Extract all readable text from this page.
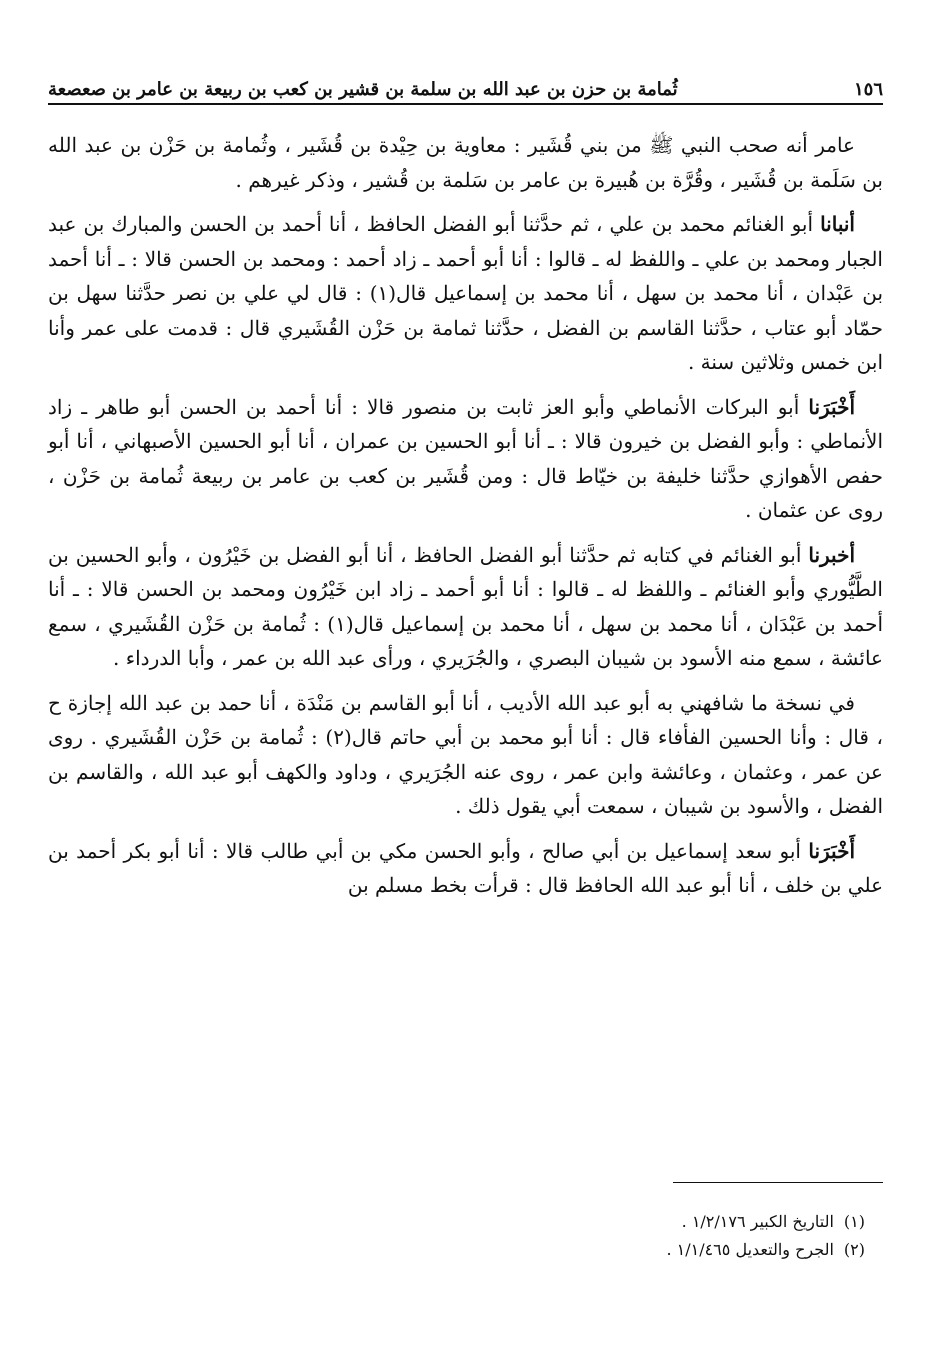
١٥٦
ثُمامة بن حزن بن عبد الله بن سلمة بن قشير بن كعب بن ربيعة بن عامر بن صعصعة

عامر أنه صحب النبي ﷺ من بني قُشَير : معاوية بن حِيْدة بن قُشَير ، وثُمامة بن حَزْن بن عبد الله بن سَلَمة بن قُشَير ، وقُرَّة بن هُبيرة بن عامر بن سَلمة بن قُشير ، وذكر غيرهم .

أنبانا أبو الغنائم محمد بن علي ، ثم حدَّثنا أبو الفضل الحافظ ، أنا أحمد بن الحسن والمبارك بن عبد الجبار ومحمد بن علي ـ واللفظ له ـ قالوا : أنا أبو أحمد ـ زاد أحمد : ومحمد بن الحسن قالا : ـ أنا أحمد بن عَبْدان ، أنا محمد بن سهل ، أنا محمد بن إسماعيل قال(١) : قال لي علي بن نصر حدَّثنا سهل بن حمّاد أبو عتاب ، حدَّثنا القاسم بن الفضل ، حدَّثنا ثمامة بن حَزْن القُشَيري قال : قدمت على عمر وأنا ابن خمس وثلاثين سنة .

أَخْبَرَنا أبو البركات الأنماطي وأبو العز ثابت بن منصور قالا : أنا أحمد بن الحسن أبو طاهر ـ زاد الأنماطي : وأبو الفضل بن خيرون قالا : ـ أنا أبو الحسين بن عمران ، أنا أبو الحسين الأصبهاني ، أنا أبو حفص الأهوازي حدَّثنا خليفة بن خيّاط قال : ومن قُشَير بن كعب بن عامر بن ربيعة ثُمامة بن حَزْن ، روى عن عثمان .

أخبرنا أبو الغنائم في كتابه ثم حدَّثنا أبو الفضل الحافظ ، أنا أبو الفضل بن خَيْرُون ، وأبو الحسين بن الطَّيُّوري وأبو الغنائم ـ واللفظ له ـ قالوا : أنا أبو أحمد ـ زاد ابن خَيْرُون ومحمد بن الحسن قالا : ـ أنا أحمد بن عَبْدَان ، أنا محمد بن سهل ، أنا محمد بن إسماعيل قال(١) : ثُمامة بن حَزْن القُشَيري ، سمع عائشة ، سمع منه الأسود بن شيبان البصري ، والجُرَيري ، ورأى عبد الله بن عمر ، وأبا الدرداء .

في نسخة ما شافهني به أبو عبد الله الأديب ، أنا أبو القاسم بن مَنْدَة ، أنا حمد بن عبد الله إجازة ح ، قال : وأنا الحسين الفأفاء قال : أنا أبو محمد بن أبي حاتم قال(٢) : ثُمامة بن حَزْن القُشَيري . روى عن عمر ، وعثمان ، وعائشة وابن عمر ، روى عنه الجُرَيري ، وداود والكهف أبو عبد الله ، والقاسم بن الفضل ، والأسود بن شيبان ، سمعت أبي يقول ذلك .

أَخْبَرَنا أبو سعد إسماعيل بن أبي صالح ، وأبو الحسن مكي بن أبي طالب قالا : أنا أبو بكر أحمد بن علي بن خلف ، أنا أبو عبد الله الحافظ قال : قرأت بخط مسلم بن

(١)التاريخ الكبير ١/٢/١٧٦ .
(٢)الجرح والتعديل ١/١/٤٦٥ .
